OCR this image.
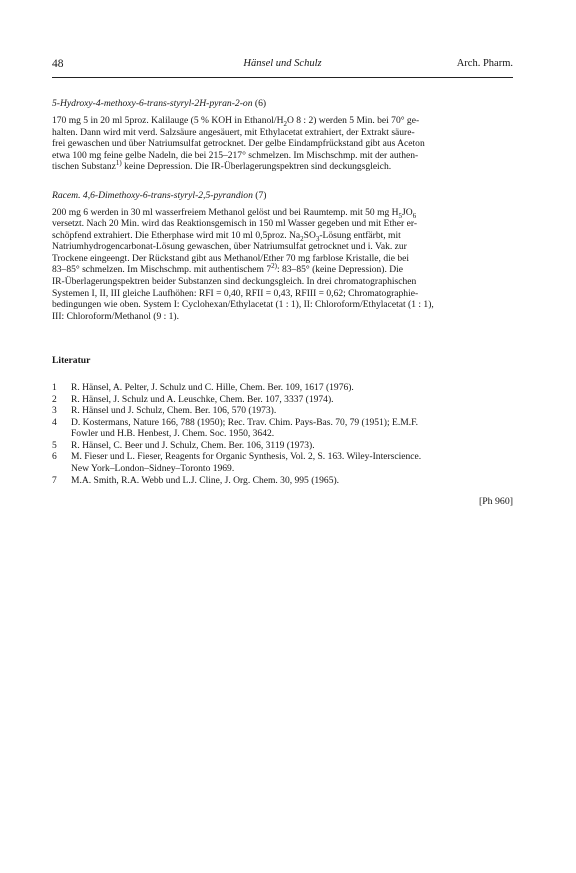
48	Hänsel und Schulz	Arch. Pharm.
5-Hydroxy-4-methoxy-6-trans-styryl-2H-pyran-2-on (6)
170 mg 5 in 20 ml 5proz. Kalilauge (5 % KOH in Ethanol/$H_2O$ 8 : 2) werden 5 Min. bei 70° ge-
halten. Dann wird mit verd. Salzsäure angesäuert, mit Ethylacetat extrahiert, der Extrakt säure-
frei gewaschen und über Natriumsulfat getrocknet. Der gelbe Eindampfrückstand gibt aus Aceton
etwa 100 mg feine gelbe Nadeln, die bei 215–217° schmelzen. Im Mischschmp. mit der authen-
tischen Substanz$^{1)}$ keine Depression. Die IR-Überlagerungspektren sind deckungsgleich.
Racem. 4,6-Dimethoxy-6-trans-styryl-2,5-pyrandion (7)
200 mg 6 werden in 30 ml wasserfreiem Methanol gelöst und bei Raumtemp. mit 50 mg $H_5JO_6$
versetzt. Nach 20 Min. wird das Reaktionsgemisch in 150 ml Wasser gegeben und mit Ether er-
schöpfend extrahiert. Die Etherphase wird mit 10 ml 0,5proz. $Na_2SO_3$-Lösung entfärbt, mit
Natriumhydrogencarbonat-Lösung gewaschen, über Natriumsulfat getrocknet und i. Vak. zur
Trockene eingeengt. Der Rückstand gibt aus Methanol/Ether 70 mg farblose Kristalle, die bei
83–85° schmelzen. Im Mischschmp. mit authentischem 7$^{2)}$: 83–85° (keine Depression). Die
IR-Überlagerungspektren beider Substanzen sind deckungsgleich. In drei chromatographischen
Systemen I, II, III gleiche Laufhöhen: RFI = 0,40, RFII = 0,43, RFIII = 0,62; Chromatographie-
bedingungen wie oben. System I: Cyclohexan/Ethylacetat (1 : 1), II: Chloroform/Ethylacetat (1 : 1),
III: Chloroform/Methanol (9 : 1).
Literatur
1 R. Hänsel, A. Pelter, J. Schulz und C. Hille, Chem. Ber. 109, 1617 (1976).
2 R. Hänsel, J. Schulz und A. Leuschke, Chem. Ber. 107, 3337 (1974).
3 R. Hänsel und J. Schulz, Chem. Ber. 106, 570 (1973).
4 D. Kostermans, Nature 166, 788 (1950); Rec. Trav. Chim. Pays-Bas. 70, 79 (1951); E.M.F.
Fowler und H.B. Henbest, J. Chem. Soc. 1950, 3642.
5 R. Hänsel, C. Beer und J. Schulz, Chem. Ber. 106, 3119 (1973).
6 M. Fieser und L. Fieser, Reagents for Organic Synthesis, Vol. 2, S. 163. Wiley-Interscience.
New York–London–Sidney–Toronto 1969.
7 M.A. Smith, R.A. Webb und L.J. Cline, J. Org. Chem. 30, 995 (1965).
[Ph 960]
